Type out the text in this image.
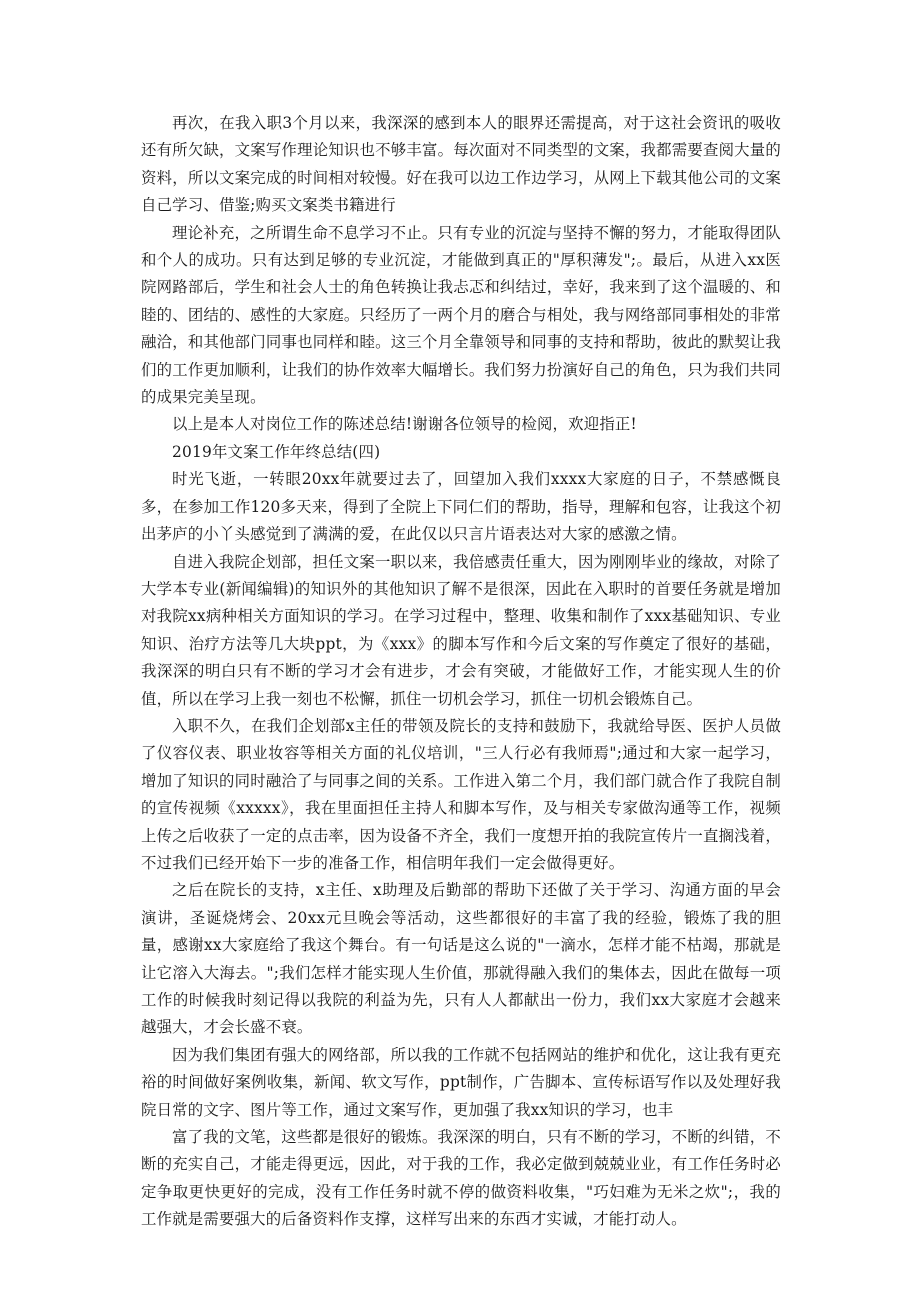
再次，在我入职3个月以来，我深深的感到本人的眼界还需提高，对于这社会资讯的吸收还有所欠缺，文案写作理论知识也不够丰富。每次面对不同类型的文案，我都需要查阅大量的资料，所以文案完成的时间相对较慢。好在我可以边工作边学习，从网上下载其他公司的文案自己学习、借鉴;购买文案类书籍进行

理论补充，之所谓生命不息学习不止。只有专业的沉淀与坚持不懈的努力，才能取得团队和个人的成功。只有达到足够的专业沉淀，才能做到真正的"厚积薄发";。最后，从进入xx医院网路部后，学生和社会人士的角色转换让我忐忑和纠结过，幸好，我来到了这个温暖的、和睦的、团结的、感性的大家庭。只经历了一两个月的磨合与相处，我与网络部同事相处的非常融洽，和其他部门同事也同样和睦。这三个月全靠领导和同事的支持和帮助，彼此的默契让我们的工作更加顺利，让我们的协作效率大幅增长。我们努力扮演好自己的角色，只为我们共同的成果完美呈现。

以上是本人对岗位工作的陈述总结!谢谢各位领导的检阅，欢迎指正!

2019年文案工作年终总结(四)

时光飞逝，一转眼20xx年就要过去了，回望加入我们xxxx大家庭的日子，不禁感慨良多，在参加工作120多天来，得到了全院上下同仁们的帮助，指导，理解和包容，让我这个初出茅庐的小丫头感觉到了满满的爱，在此仅以只言片语表达对大家的感激之情。

自进入我院企划部，担任文案一职以来，我倍感责任重大，因为刚刚毕业的缘故，对除了大学本专业(新闻编辑)的知识外的其他知识了解不是很深，因此在入职时的首要任务就是增加对我院xx病种相关方面知识的学习。在学习过程中，整理、收集和制作了xxx基础知识、专业知识、治疗方法等几大块ppt，为《xxx》的脚本写作和今后文案的写作奠定了很好的基础，我深深的明白只有不断的学习才会有进步，才会有突破，才能做好工作，才能实现人生的价值，所以在学习上我一刻也不松懈，抓住一切机会学习，抓住一切机会锻炼自己。

入职不久，在我们企划部x主任的带领及院长的支持和鼓励下，我就给导医、医护人员做了仪容仪表、职业妆容等相关方面的礼仪培训，"三人行必有我师焉";通过和大家一起学习，增加了知识的同时融洽了与同事之间的关系。工作进入第二个月，我们部门就合作了我院自制的宣传视频《xxxxx》，我在里面担任主持人和脚本写作，及与相关专家做沟通等工作，视频上传之后收获了一定的点击率，因为设备不齐全，我们一度想开拍的我院宣传片一直搁浅着，不过我们已经开始下一步的准备工作，相信明年我们一定会做得更好。

之后在院长的支持，x主任、x助理及后勤部的帮助下还做了关于学习、沟通方面的早会演讲，圣诞烧烤会、20xx元旦晚会等活动，这些都很好的丰富了我的经验，锻炼了我的胆量，感谢xx大家庭给了我这个舞台。有一句话是这么说的"一滴水，怎样才能不枯竭，那就是让它溶入大海去。";我们怎样才能实现人生价值，那就得融入我们的集体去，因此在做每一项工作的时候我时刻记得以我院的利益为先，只有人人都献出一份力，我们xx大家庭才会越来越强大，才会长盛不衰。

因为我们集团有强大的网络部，所以我的工作就不包括网站的维护和优化，这让我有更充裕的时间做好案例收集，新闻、软文写作，ppt制作，广告脚本、宣传标语写作以及处理好我院日常的文字、图片等工作，通过文案写作，更加强了我xx知识的学习，也丰

富了我的文笔，这些都是很好的锻炼。我深深的明白，只有不断的学习，不断的纠错，不断的充实自己，才能走得更远，因此，对于我的工作，我必定做到兢兢业业，有工作任务时必定争取更快更好的完成，没有工作任务时就不停的做资料收集，"巧妇难为无米之炊";，我的工作就是需要强大的后备资料作支撑，这样写出来的东西才实诚，才能打动人。
